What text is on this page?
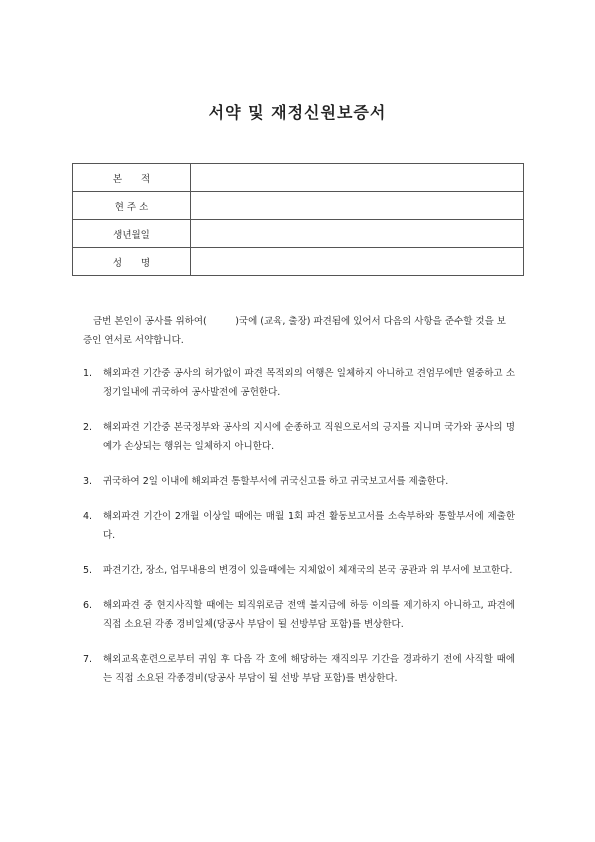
서약 및 재정신원보증서
본　　적	
현 주 소	
생년월일	
성　　명	

금번 본인이 공사를 위하여(　　　)국에 (교육, 출장) 파견됨에 있어서 다음의 사항을 준수할 것을 보증인 연서로 서약합니다.

1. 해외파견 기간중 공사의 허가없이 파견 목적외의 여행은 일체하지 아니하고 견엄무에만 열중하고 소정기일내에 귀국하여 공사발전에 공헌한다.
2. 해외파견 기간중 본국정부와 공사의 지시에 순종하고 직원으로서의 긍지를 지니며 국가와 공사의 명예가 손상되는 행위는 일체하지 아니한다.
3. 귀국하여 2일 이내에 해외파견 통할부서에 귀국신고를 하고 귀국보고서를 제출한다.
4. 해외파견 기간이 2개월 이상일 때에는 매월 1회 파견 활동보고서를 소속부하와 통할부서에 제출한다.
5. 파견기간, 장소, 업무내용의 변경이 있을때에는 지체없이 체재국의 본국 공관과 위 부서에 보고한다.
6. 해외파견 중 현지사직할 때에는 퇴직위로금 전액 불지급에 하등 이의를 제기하지 아니하고, 파견에 직접 소요된 각종 경비일체(당공사 부담이 될 선방부담 포함)를 변상한다.
7. 해외교육훈련으로부터 귀임 후 다음 각 호에 해당하는 재직의무 기간을 경과하기 전에 사직할 때에는 직접 소요된 각종경비(당공사 부담이 될 선방 부담 포함)를 변상한다.
